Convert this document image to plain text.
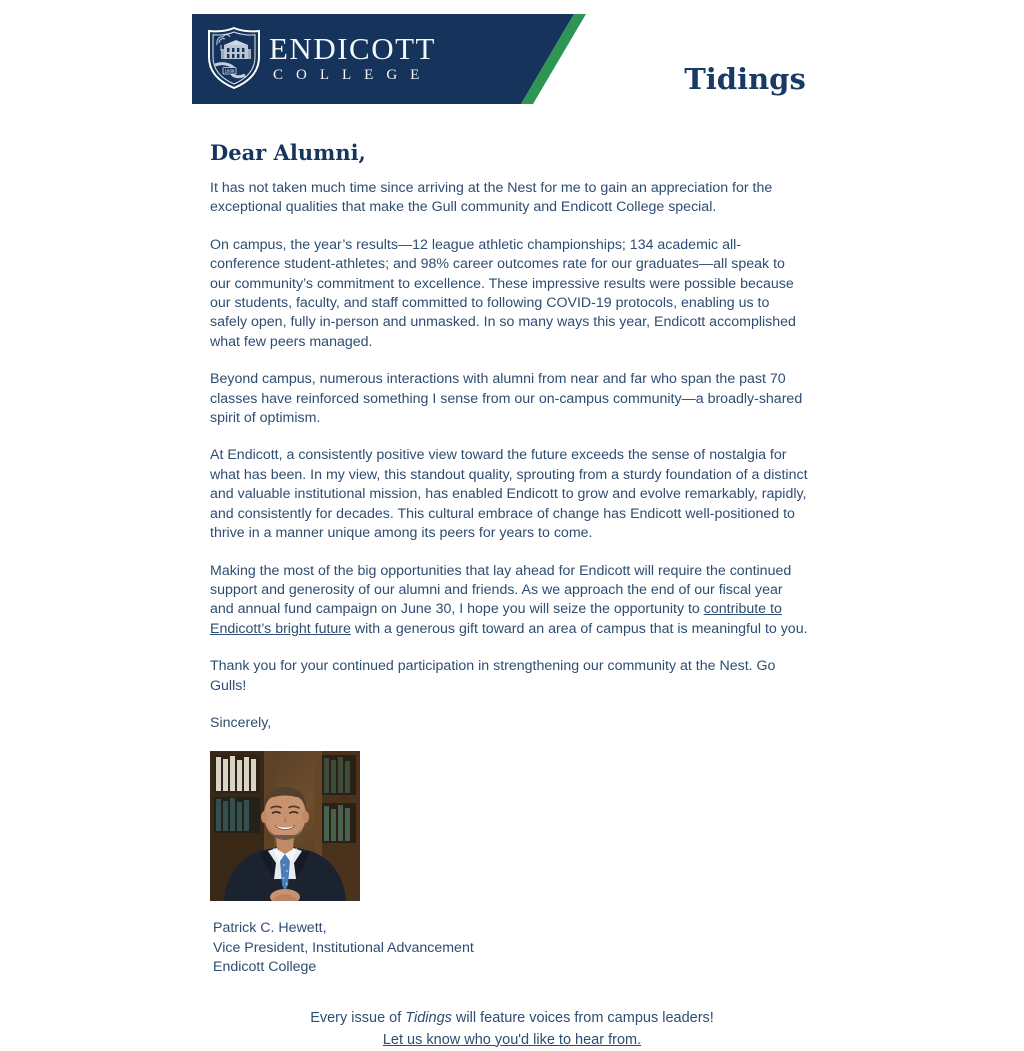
1939
ENDICOTT
COLLEGE	Tidings
Dear Alumni,

It has not taken much time since arriving at the Nest for me to gain an appreciation for the exceptional qualities that make the Gull community and Endicott College special.

On campus, the year’s results—12 league athletic championships; 134 academic all-conference student-athletes; and 98% career outcomes rate for our graduates—all speak to our community’s commitment to excellence. These impressive results were possible because our students, faculty, and staff committed to following COVID-19 protocols, enabling us to safely open, fully in-person and unmasked. In so many ways this year, Endicott accomplished what few peers managed.

Beyond campus, numerous interactions with alumni from near and far who span the past 70 classes have reinforced something I sense from our on-campus community—a broadly-shared spirit of optimism.

At Endicott, a consistently positive view toward the future exceeds the sense of nostalgia for what has been. In my view, this standout quality, sprouting from a sturdy foundation of a distinct and valuable institutional mission, has enabled Endicott to grow and evolve remarkably, rapidly, and consistently for decades. This cultural embrace of change has Endicott well-positioned to thrive in a manner unique among its peers for years to come.

Making the most of the big opportunities that lay ahead for Endicott will require the continued support and generosity of our alumni and friends. As we approach the end of our fiscal year and annual fund campaign on June 30, I hope you will seize the opportunity to contribute to Endicott’s bright future with a generous gift toward an area of campus that is meaningful to you.

Thank you for your continued participation in strengthening our community at the Nest. Go Gulls!

Sincerely,

Patrick C. Hewett,

Vice President, Institutional Advancement

Endicott College

Every issue of Tidings will feature voices from campus leaders!
Let us know who you'd like to hear from.
